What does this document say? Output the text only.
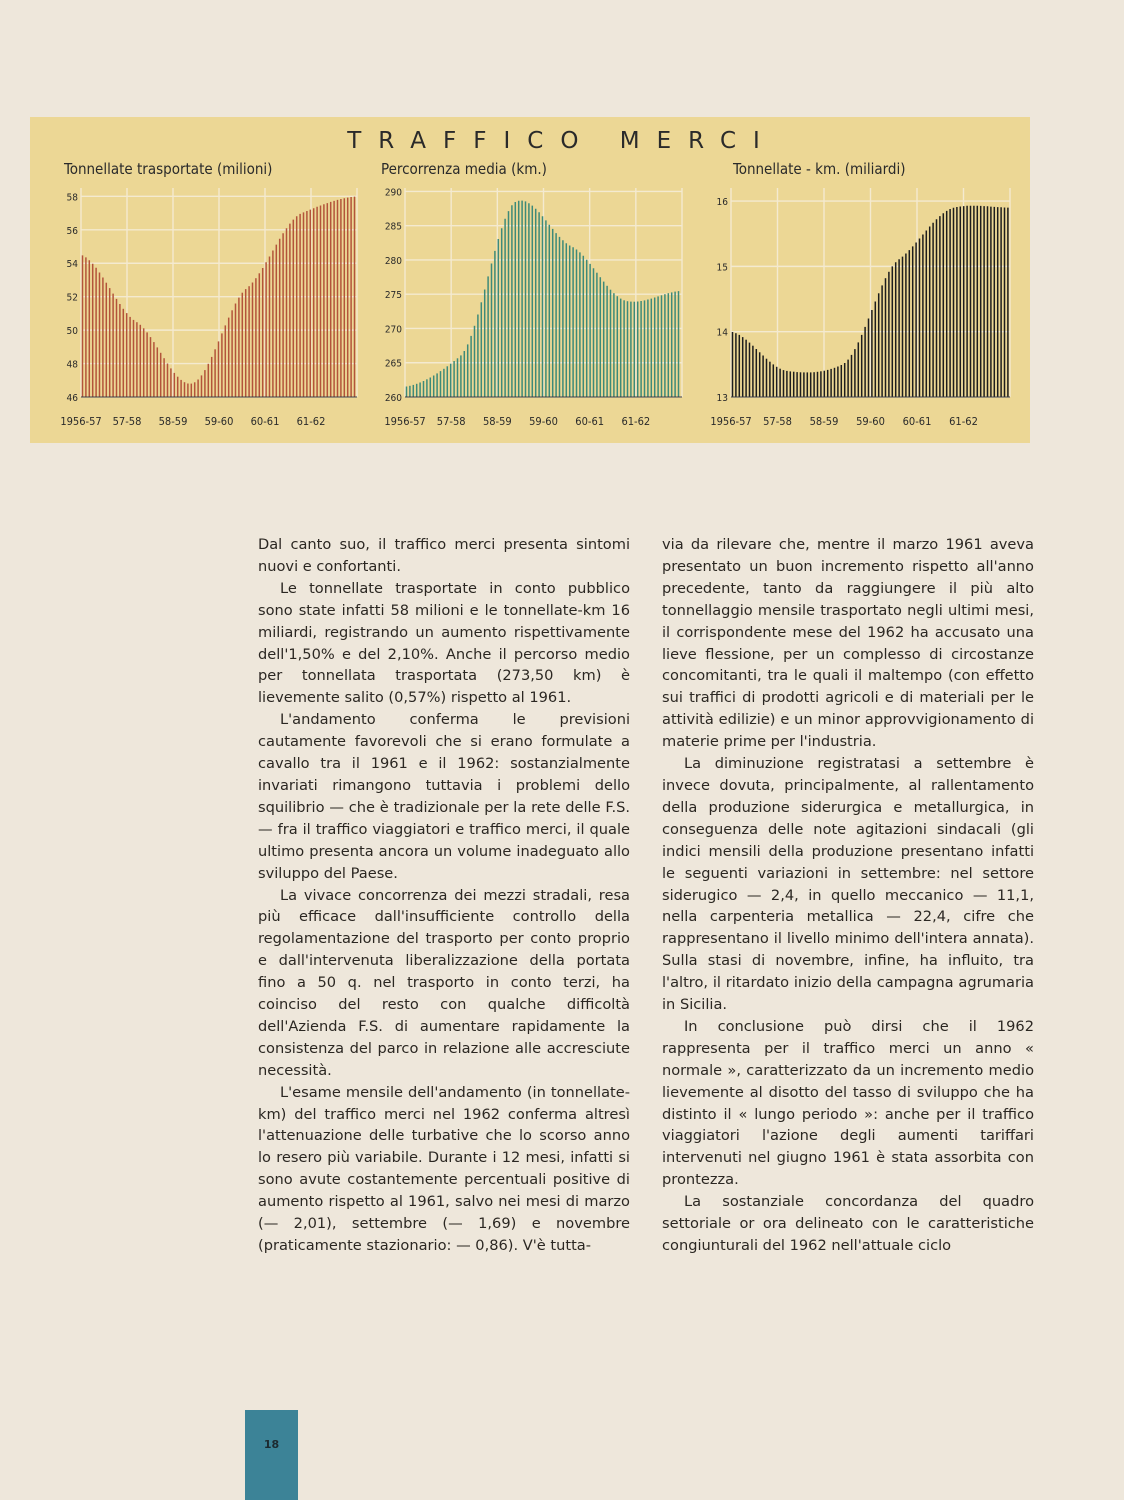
TRAFFICO MERCI
Tonnellate trasportate (milioni)	Percorrenza media (km.)	Tonnellate - km. (miliardi)
46
48
50
52
54
56
58
1956-57 57-58 58-59 59-60 60-61 61-62
260
265
270
275
280
285
290
1956-57 57-58 58-59 59-60 60-61 61-62
13
14
15
16
1956-57 57-58 58-59 59-60 60-61 61-62

Dal canto suo, il traffico merci presenta sintomi nuovi e confortanti.

Le tonnellate trasportate in conto pubblico sono state infatti 58 milioni e le tonnellate-km 16 miliardi, registrando un aumento rispettivamente dell'1,50% e del 2,10%. Anche il percorso medio per tonnellata trasportata (273,50 km) è lievemente salito (0,57%) rispetto al 1961.

L'andamento conferma le previsioni cautamente favorevoli che si erano formulate a cavallo tra il 1961 e il 1962: sostanzialmente invariati rimangono tuttavia i problemi dello squilibrio — che è tradizionale per la rete delle F.S. — fra il traffico viaggiatori e traffico merci, il quale ultimo presenta ancora un volume inadeguato allo sviluppo del Paese.

La vivace concorrenza dei mezzi stradali, resa più efficace dall'insufficiente controllo della regolamentazione del trasporto per conto proprio e dall'intervenuta liberalizzazione della portata fino a 50 q. nel trasporto in conto terzi, ha coinciso del resto con qualche difficoltà dell'Azienda F.S. di aumentare rapidamente la consistenza del parco in relazione alle accresciute necessità.

L'esame mensile dell'andamento (in tonnellate-km) del traffico merci nel 1962 conferma altresì l'attenuazione delle turbative che lo scorso anno lo resero più variabile. Durante i 12 mesi, infatti si sono avute costantemente percentuali positive di aumento rispetto al 1961, salvo nei mesi di marzo (— 2,01), settembre (— 1,69) e novembre (praticamente stazionario: — 0,86). V'è tutta-

via da rilevare che, mentre il marzo 1961 aveva presentato un buon incremento rispetto all'anno precedente, tanto da raggiungere il più alto tonnellaggio mensile trasportato negli ultimi mesi, il corrispondente mese del 1962 ha accusato una lieve flessione, per un complesso di circostanze concomitanti, tra le quali il maltempo (con effetto sui traffici di prodotti agricoli e di materiali per le attività edilizie) e un minor approvvigionamento di materie prime per l'industria.

La diminuzione registratasi a settembre è invece dovuta, principalmente, al rallentamento della produzione siderurgica e metallurgica, in conseguenza delle note agitazioni sindacali (gli indici mensili della produzione presentano infatti le seguenti variazioni in settembre: nel settore siderugico — 2,4, in quello meccanico — 11,1, nella carpenteria metallica — 22,4, cifre che rappresentano il livello minimo dell'intera annata). Sulla stasi di novembre, infine, ha influito, tra l'altro, il ritardato inizio della campagna agrumaria in Sicilia.

In conclusione può dirsi che il 1962 rappresenta per il traffico merci un anno « normale », caratterizzato da un incremento medio lievemente al disotto del tasso di sviluppo che ha distinto il « lungo periodo »: anche per il traffico viaggiatori l'azione degli aumenti tariffari intervenuti nel giugno 1961 è stata assorbita con prontezza.

La sostanziale concordanza del quadro settoriale or ora delineato con le caratteristiche congiunturali del 1962 nell'attuale ciclo

18
